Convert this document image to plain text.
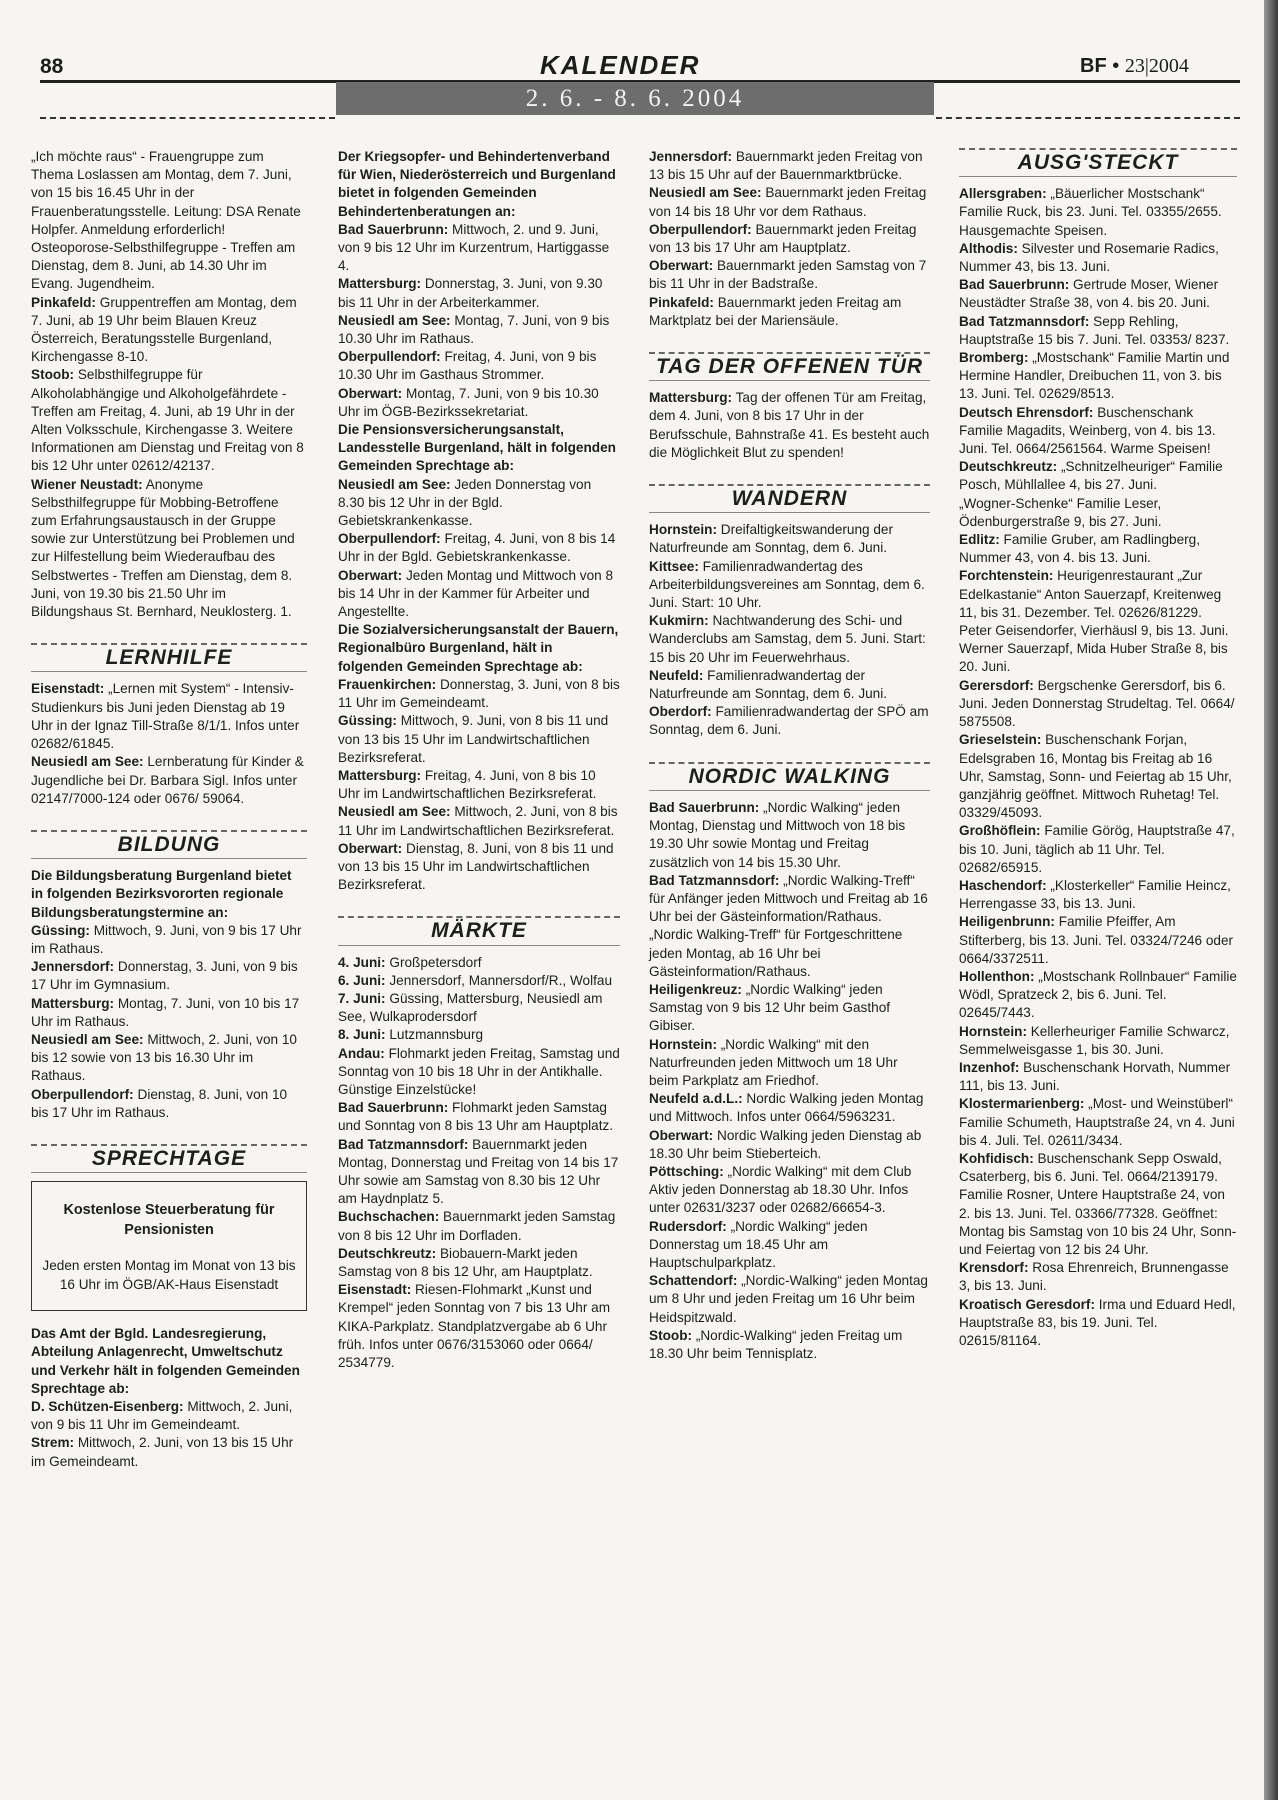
88	KALENDER	BF • 23|2004
2. 6. - 8. 6. 2004

„Ich möchte raus“ - Frauengruppe zum Thema Loslassen am Montag, dem 7. Juni, von 15 bis 16.45 Uhr in der Frauenberatungsstelle. Leitung: DSA Renate Holpfer. Anmeldung erforderlich!

Osteoporose-Selbsthilfegruppe - Treffen am Dienstag, dem 8. Juni, ab 14.30 Uhr im Evang. Jugendheim.

Pinkafeld: Gruppentreffen am Montag, dem 7. Juni, ab 19 Uhr beim Blauen Kreuz Österreich, Beratungsstelle Burgenland, Kirchengasse 8-10.

Stoob: Selbsthilfegruppe für Alkoholabhängige und Alkoholgefährdete - Treffen am Freitag, 4. Juni, ab 19 Uhr in der Alten Volksschule, Kirchengasse 3. Weitere Informationen am Dienstag und Freitag von 8 bis 12 Uhr unter 02612/42137.

Wiener Neustadt: Anonyme Selbsthilfegruppe für Mobbing-Betroffene zum Erfahrungsaustausch in der Gruppe sowie zur Unterstützung bei Problemen und zur Hilfestellung beim Wiederaufbau des Selbstwertes - Treffen am Dienstag, dem 8. Juni, von 19.30 bis 21.50 Uhr im Bildungshaus St. Bernhard, Neuklosterg. 1.

LERNHILFE

Eisenstadt: „Lernen mit System“ - Intensiv-Studienkurs bis Juni jeden Dienstag ab 19 Uhr in der Ignaz Till-Straße 8/1/1. Infos unter 02682/61845.

Neusiedl am See: Lernberatung für Kinder & Jugendliche bei Dr. Barbara Sigl. Infos unter 02147/7000-124 oder 0676/ 59064.

BILDUNG

Die Bildungsberatung Burgenland bietet in folgenden Bezirksvororten regionale Bildungsberatungstermine an:

Güssing: Mittwoch, 9. Juni, von 9 bis 17 Uhr im Rathaus.

Jennersdorf: Donnerstag, 3. Juni, von 9 bis 17 Uhr im Gymnasium.

Mattersburg: Montag, 7. Juni, von 10 bis 17 Uhr im Rathaus.

Neusiedl am See: Mittwoch, 2. Juni, von 10 bis 12 sowie von 13 bis 16.30 Uhr im Rathaus.

Oberpullendorf: Dienstag, 8. Juni, von 10 bis 17 Uhr im Rathaus.

SPRECHTAGE
Kostenlose Steuerberatung für Pensionisten
Jeden ersten Montag im Monat von 13 bis 16 Uhr im ÖGB/AK-Haus Eisenstadt

Das Amt der Bgld. Landesregierung, Abteilung Anlagenrecht, Umweltschutz und Verkehr hält in folgenden Gemeinden Sprechtage ab:

D. Schützen-Eisenberg: Mittwoch, 2. Juni, von 9 bis 11 Uhr im Gemeindeamt.

Strem: Mittwoch, 2. Juni, von 13 bis 15 Uhr im Gemeindeamt.

Der Kriegsopfer- und Behindertenverband für Wien, Niederösterreich und Burgenland bietet in folgenden Gemeinden Behindertenberatungen an:

Bad Sauerbrunn: Mittwoch, 2. und 9. Juni, von 9 bis 12 Uhr im Kurzentrum, Hartiggasse 4.

Mattersburg: Donnerstag, 3. Juni, von 9.30 bis 11 Uhr in der Arbeiterkammer.

Neusiedl am See: Montag, 7. Juni, von 9 bis 10.30 Uhr im Rathaus.

Oberpullendorf: Freitag, 4. Juni, von 9 bis 10.30 Uhr im Gasthaus Strommer.

Oberwart: Montag, 7. Juni, von 9 bis 10.30 Uhr im ÖGB-Bezirkssekretariat.

Die Pensionsversicherungsanstalt, Landesstelle Burgenland, hält in folgenden Gemeinden Sprechtage ab:

Neusiedl am See: Jeden Donnerstag von 8.30 bis 12 Uhr in der Bgld. Gebietskrankenkasse.

Oberpullendorf: Freitag, 4. Juni, von 8 bis 14 Uhr in der Bgld. Gebietskrankenkasse.

Oberwart: Jeden Montag und Mittwoch von 8 bis 14 Uhr in der Kammer für Arbeiter und Angestellte.

Die Sozialversicherungsanstalt der Bauern, Regionalbüro Burgenland, hält in folgenden Gemeinden Sprechtage ab:

Frauenkirchen: Donnerstag, 3. Juni, von 8 bis 11 Uhr im Gemeindeamt.

Güssing: Mittwoch, 9. Juni, von 8 bis 11 und von 13 bis 15 Uhr im Landwirtschaftlichen Bezirksreferat.

Mattersburg: Freitag, 4. Juni, von 8 bis 10 Uhr im Landwirtschaftlichen Bezirksreferat.

Neusiedl am See: Mittwoch, 2. Juni, von 8 bis 11 Uhr im Landwirtschaftlichen Bezirksreferat.

Oberwart: Dienstag, 8. Juni, von 8 bis 11 und von 13 bis 15 Uhr im Landwirtschaftlichen Bezirksreferat.

MÄRKTE

4. Juni: Großpetersdorf

6. Juni: Jennersdorf, Mannersdorf/R., Wolfau

7. Juni: Güssing, Mattersburg, Neusiedl am See, Wulkaprodersdorf

8. Juni: Lutzmannsburg

Andau: Flohmarkt jeden Freitag, Samstag und Sonntag von 10 bis 18 Uhr in der Antikhalle. Günstige Einzelstücke!

Bad Sauerbrunn: Flohmarkt jeden Samstag und Sonntag von 8 bis 13 Uhr am Hauptplatz.

Bad Tatzmannsdorf: Bauernmarkt jeden Montag, Donnerstag und Freitag von 14 bis 17 Uhr sowie am Samstag von 8.30 bis 12 Uhr am Haydnplatz 5.

Buchschachen: Bauernmarkt jeden Samstag von 8 bis 12 Uhr im Dorfladen.

Deutschkreutz: Biobauern-Markt jeden Samstag von 8 bis 12 Uhr, am Hauptplatz.

Eisenstadt: Riesen-Flohmarkt „Kunst und Krempel“ jeden Sonntag von 7 bis 13 Uhr am KIKA-Parkplatz. Standplatzvergabe ab 6 Uhr früh. Infos unter 0676/3153060 oder 0664/ 2534779.

Jennersdorf: Bauernmarkt jeden Freitag von 13 bis 15 Uhr auf der Bauernmarktbrücke.

Neusiedl am See: Bauernmarkt jeden Freitag von 14 bis 18 Uhr vor dem Rathaus.

Oberpullendorf: Bauernmarkt jeden Freitag von 13 bis 17 Uhr am Hauptplatz.

Oberwart: Bauernmarkt jeden Samstag von 7 bis 11 Uhr in der Badstraße.

Pinkafeld: Bauernmarkt jeden Freitag am Marktplatz bei der Mariensäule.

TAG DER OFFENEN TÜR

Mattersburg: Tag der offenen Tür am Freitag, dem 4. Juni, von 8 bis 17 Uhr in der Berufsschule, Bahnstraße 41. Es besteht auch die Möglichkeit Blut zu spenden!

WANDERN

Hornstein: Dreifaltigkeitswanderung der Naturfreunde am Sonntag, dem 6. Juni.

Kittsee: Familienradwandertag des Arbeiterbildungsvereines am Sonntag, dem 6. Juni. Start: 10 Uhr.

Kukmirn: Nachtwanderung des Schi- und Wanderclubs am Samstag, dem 5. Juni. Start: 15 bis 20 Uhr im Feuerwehrhaus.

Neufeld: Familienradwandertag der Naturfreunde am Sonntag, dem 6. Juni.

Oberdorf: Familienradwandertag der SPÖ am Sonntag, dem 6. Juni.

NORDIC WALKING

Bad Sauerbrunn: „Nordic Walking“ jeden Montag, Dienstag und Mittwoch von 18 bis 19.30 Uhr sowie Montag und Freitag zusätzlich von 14 bis 15.30 Uhr.

Bad Tatzmannsdorf: „Nordic Walking-Treff“ für Anfänger jeden Mittwoch und Freitag ab 16 Uhr bei der Gästeinformation/Rathaus.

„Nordic Walking-Treff“ für Fortgeschrittene jeden Montag, ab 16 Uhr bei Gästeinformation/Rathaus.

Heiligenkreuz: „Nordic Walking“ jeden Samstag von 9 bis 12 Uhr beim Gasthof Gibiser.

Hornstein: „Nordic Walking“ mit den Naturfreunden jeden Mittwoch um 18 Uhr beim Parkplatz am Friedhof.

Neufeld a.d.L.: Nordic Walking jeden Montag und Mittwoch. Infos unter 0664/5963231.

Oberwart: Nordic Walking jeden Dienstag ab 18.30 Uhr beim Stieberteich.

Pöttsching: „Nordic Walking“ mit dem Club Aktiv jeden Donnerstag ab 18.30 Uhr. Infos unter 02631/3237 oder 02682/66654-3.

Rudersdorf: „Nordic Walking“ jeden Donnerstag um 18.45 Uhr am Hauptschulparkplatz.

Schattendorf: „Nordic-Walking“ jeden Montag um 8 Uhr und jeden Freitag um 16 Uhr beim Heidspitzwald.

Stoob: „Nordic-Walking“ jeden Freitag um 18.30 Uhr beim Tennisplatz.

AUSG'STECKT

Allersgraben: „Bäuerlicher Mostschank“ Familie Ruck, bis 23. Juni. Tel. 03355/2655. Hausgemachte Speisen.

Althodis: Silvester und Rosemarie Radics, Nummer 43, bis 13. Juni.

Bad Sauerbrunn: Gertrude Moser, Wiener Neustädter Straße 38, von 4. bis 20. Juni.

Bad Tatzmannsdorf: Sepp Rehling, Hauptstraße 15 bis 7. Juni. Tel. 03353/ 8237.

Bromberg: „Mostschank“ Familie Martin und Hermine Handler, Dreibuchen 11, von 3. bis 13. Juni. Tel. 02629/8513.

Deutsch Ehrensdorf: Buschenschank Familie Magadits, Weinberg, von 4. bis 13. Juni. Tel. 0664/2561564. Warme Speisen!

Deutschkreutz: „Schnitzelheuriger“ Familie Posch, Mühllallee 4, bis 27. Juni.

„Wogner-Schenke“ Familie Leser, Ödenburgerstraße 9, bis 27. Juni.

Edlitz: Familie Gruber, am Radlingberg, Nummer 43, von 4. bis 13. Juni.

Forchtenstein: Heurigenrestaurant „Zur Edelkastanie“ Anton Sauerzapf, Kreitenweg 11, bis 31. Dezember. Tel. 02626/81229.

Peter Geisendorfer, Vierhäusl 9, bis 13. Juni.

Werner Sauerzapf, Mida Huber Straße 8, bis 20. Juni.

Gerersdorf: Bergschenke Gerersdorf, bis 6. Juni. Jeden Donnerstag Strudeltag. Tel. 0664/ 5875508.

Grieselstein: Buschenschank Forjan, Edelsgraben 16, Montag bis Freitag ab 16 Uhr, Samstag, Sonn- und Feiertag ab 15 Uhr, ganzjährig geöffnet. Mittwoch Ruhetag! Tel. 03329/45093.

Großhöflein: Familie Görög, Hauptstraße 47, bis 10. Juni, täglich ab 11 Uhr. Tel. 02682/65915.

Haschendorf: „Klosterkeller“ Familie Heincz, Herrengasse 33, bis 13. Juni.

Heiligenbrunn: Familie Pfeiffer, Am Stifterberg, bis 13. Juni. Tel. 03324/7246 oder 0664/3372511.

Hollenthon: „Mostschank Rollnbauer“ Familie Wödl, Spratzeck 2, bis 6. Juni. Tel. 02645/7443.

Hornstein: Kellerheuriger Familie Schwarcz, Semmelweisgasse 1, bis 30. Juni.

Inzenhof: Buschenschank Horvath, Nummer 111, bis 13. Juni.

Klostermarienberg: „Most- und Weinstüberl“ Familie Schumeth, Hauptstraße 24, vn 4. Juni bis 4. Juli. Tel. 02611/3434.

Kohfidisch: Buschenschank Sepp Oswald, Csaterberg, bis 6. Juni. Tel. 0664/2139179.

Familie Rosner, Untere Hauptstraße 24, von 2. bis 13. Juni. Tel. 03366/77328. Geöffnet: Montag bis Samstag von 10 bis 24 Uhr, Sonn- und Feiertag von 12 bis 24 Uhr.

Krensdorf: Rosa Ehrenreich, Brunnengasse 3, bis 13. Juni.

Kroatisch Geresdorf: Irma und Eduard Hedl, Hauptstraße 83, bis 19. Juni. Tel. 02615/81164.
